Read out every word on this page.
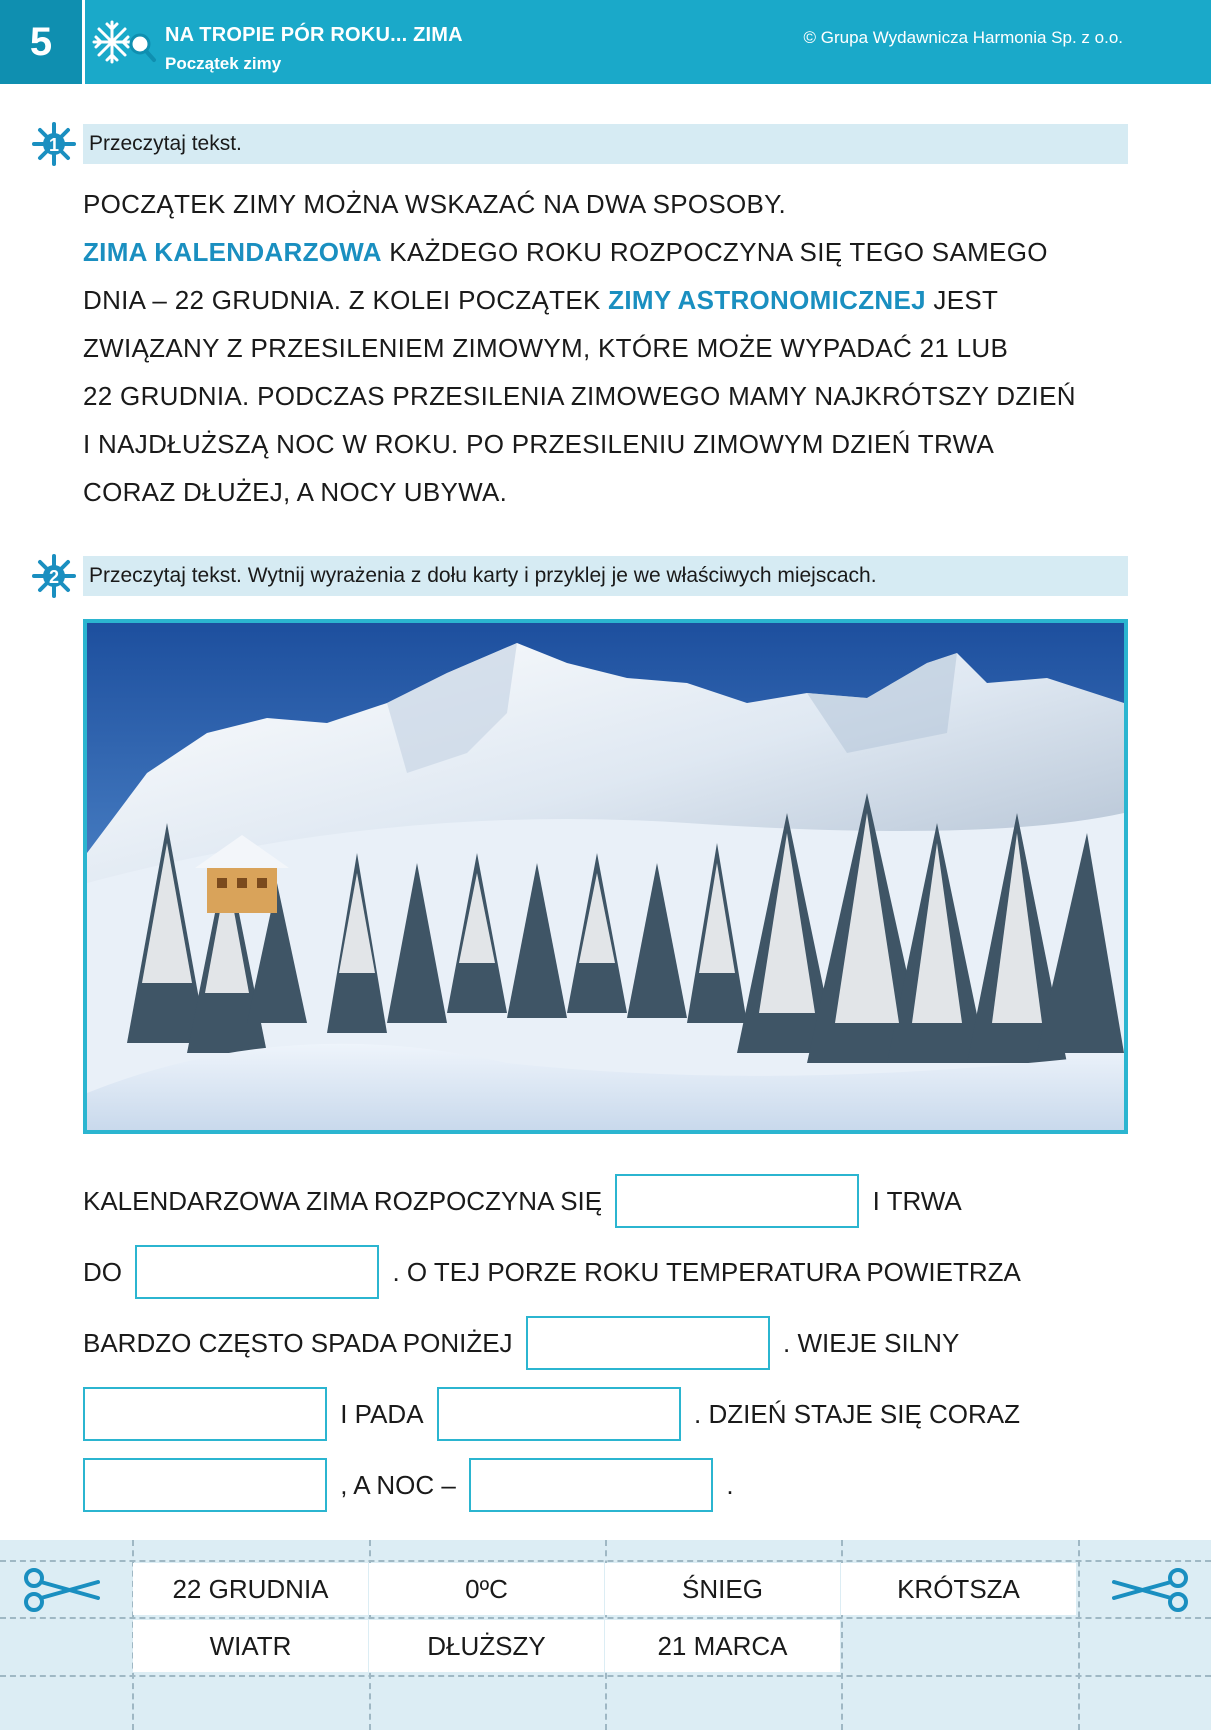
5	NA TROPIE PÓR ROKU... ZIMA
Początek zimy
© Grupa Wydawnicza Harmonia Sp. z o.o.
1 Przeczytaj tekst.
POCZĄTEK ZIMY MOŻNA WSKAZAĆ NA DWA SPOSOBY.
ZIMA KALENDARZOWA KAŻDEGO ROKU ROZPOCZYNA SIĘ TEGO SAMEGO
DNIA – 22 GRUDNIA. Z KOLEI POCZĄTEK ZIMY ASTRONOMICZNEJ JEST
ZWIĄZANY Z PRZESILENIEM ZIMOWYM, KTÓRE MOŻE WYPADAĆ 21 LUB
22 GRUDNIA. PODCZAS PRZESILENIA ZIMOWEGO MAMY NAJKRÓTSZY DZIEŃ
I NAJDŁUŻSZĄ NOC W ROKU. PO PRZESILENIU ZIMOWYM DZIEŃ TRWA
CORAZ DŁUŻEJ, A NOCY UBYWA.
2 Przeczytaj tekst. Wytnij wyrażenia z dołu karty i przyklej je we właściwych miejscach.
KALENDARZOWA ZIMA ROZPOCZYNA SIĘ	I TRWA
DO	. O TEJ PORZE ROKU TEMPERATURA POWIETRZA
BARDZO CZĘSTO SPADA PONIŻEJ	. WIEJE SILNY
I PADA	. DZIEŃ STAJE SIĘ CORAZ
, A NOC –	.
22 GRUDNIA	0ºC	ŚNIEG	KRÓTSZA
WIATR	DŁUŻSZY	21 MARCA
